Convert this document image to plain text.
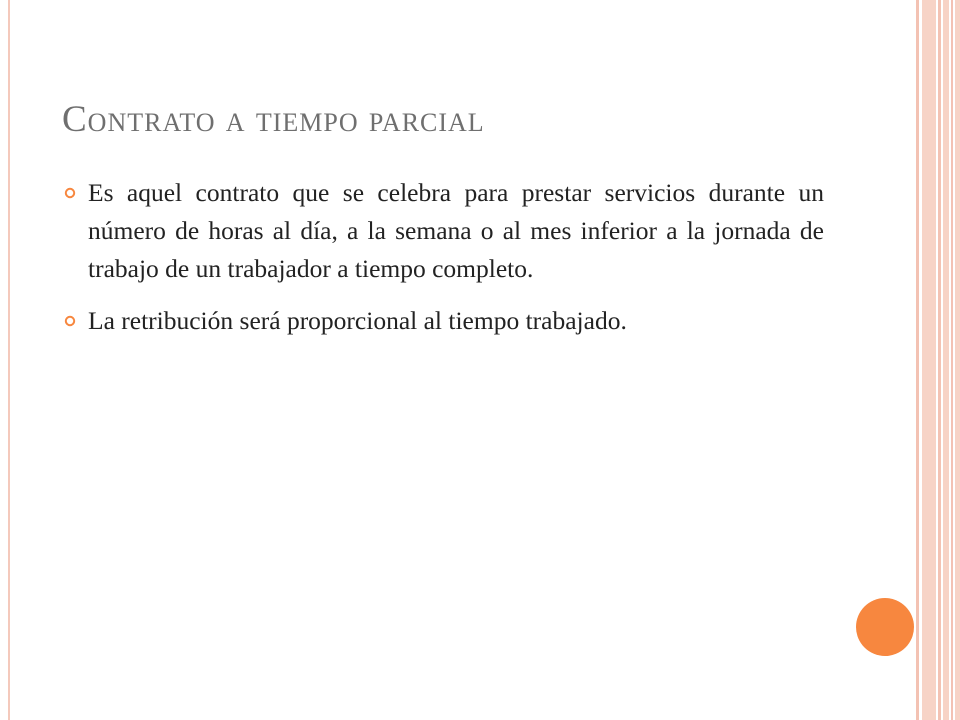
Contrato a tiempo parcial
Es aquel contrato que se celebra para prestar servicios durante un número de horas al día, a la semana o al mes inferior a la jornada de trabajo de un trabajador a tiempo completo.
La retribución será proporcional al tiempo trabajado.
